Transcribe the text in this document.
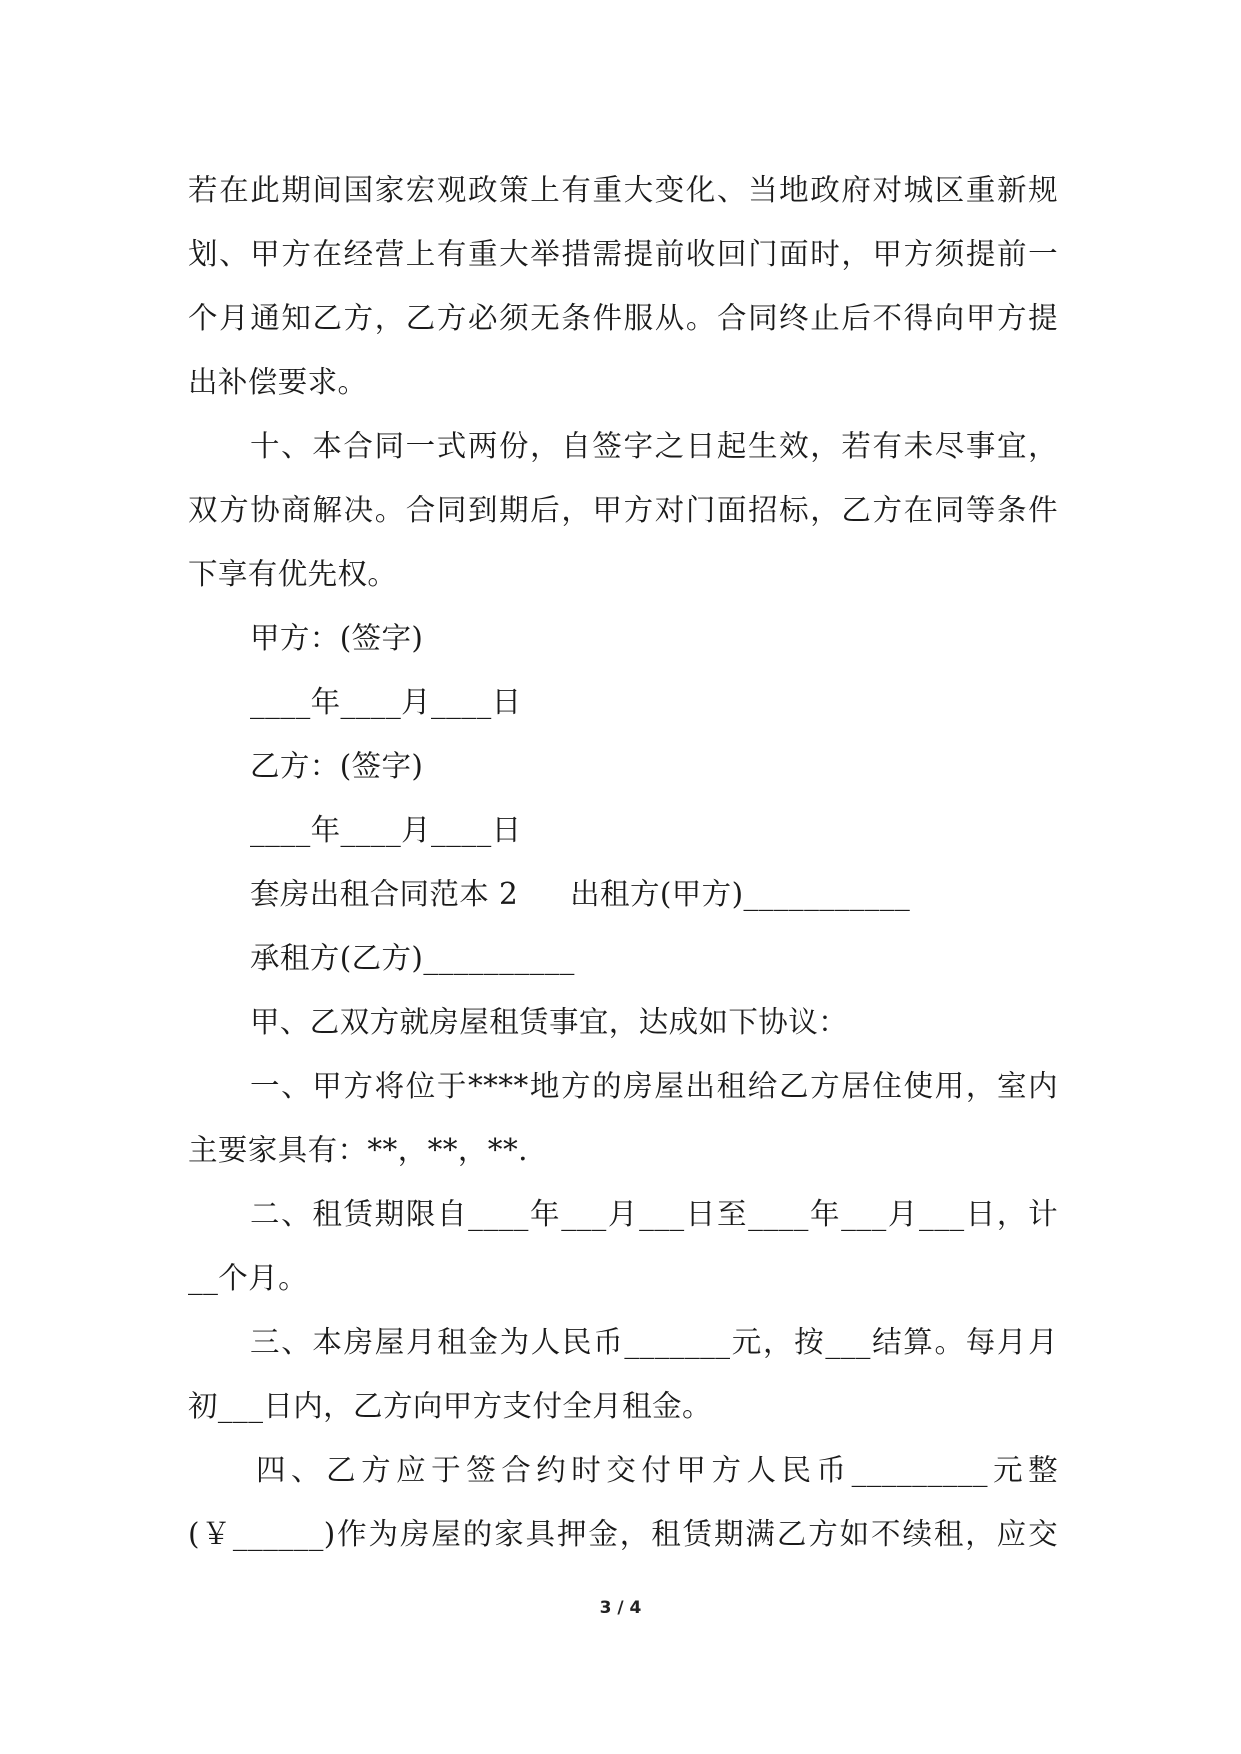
若在此期间国家宏观政策上有重大变化、当地政府对城区重新规
划、甲方在经营上有重大举措需提前收回门面时，甲方须提前一
个月通知乙方，乙方必须无条件服从。合同终止后不得向甲方提
出补偿要求。
十、本合同一式两份，自签字之日起生效，若有未尽事宜，
双方协商解决。合同到期后，甲方对门面招标，乙方在同等条件
下享有优先权。
甲方：(签字)
____年____月____日
乙方：(签字)
____年____月____日
套房出租合同范本 2 出租方(甲方)___________
承租方(乙方)__________
甲、乙双方就房屋租赁事宜，达成如下协议：
一、甲方将位于****地方的房屋出租给乙方居住使用，室内
主要家具有：**，**，**.
二、租赁期限自____年___月___日至____年___月___日，计
__个月。
三、本房屋月租金为人民币_______元，按___结算。每月月
初___日内，乙方向甲方支付全月租金。
四、乙方应于签合约时交付甲方人民币_________元整
(￥______)作为房屋的家具押金，租赁期满乙方如不续租，应交
3 / 4
